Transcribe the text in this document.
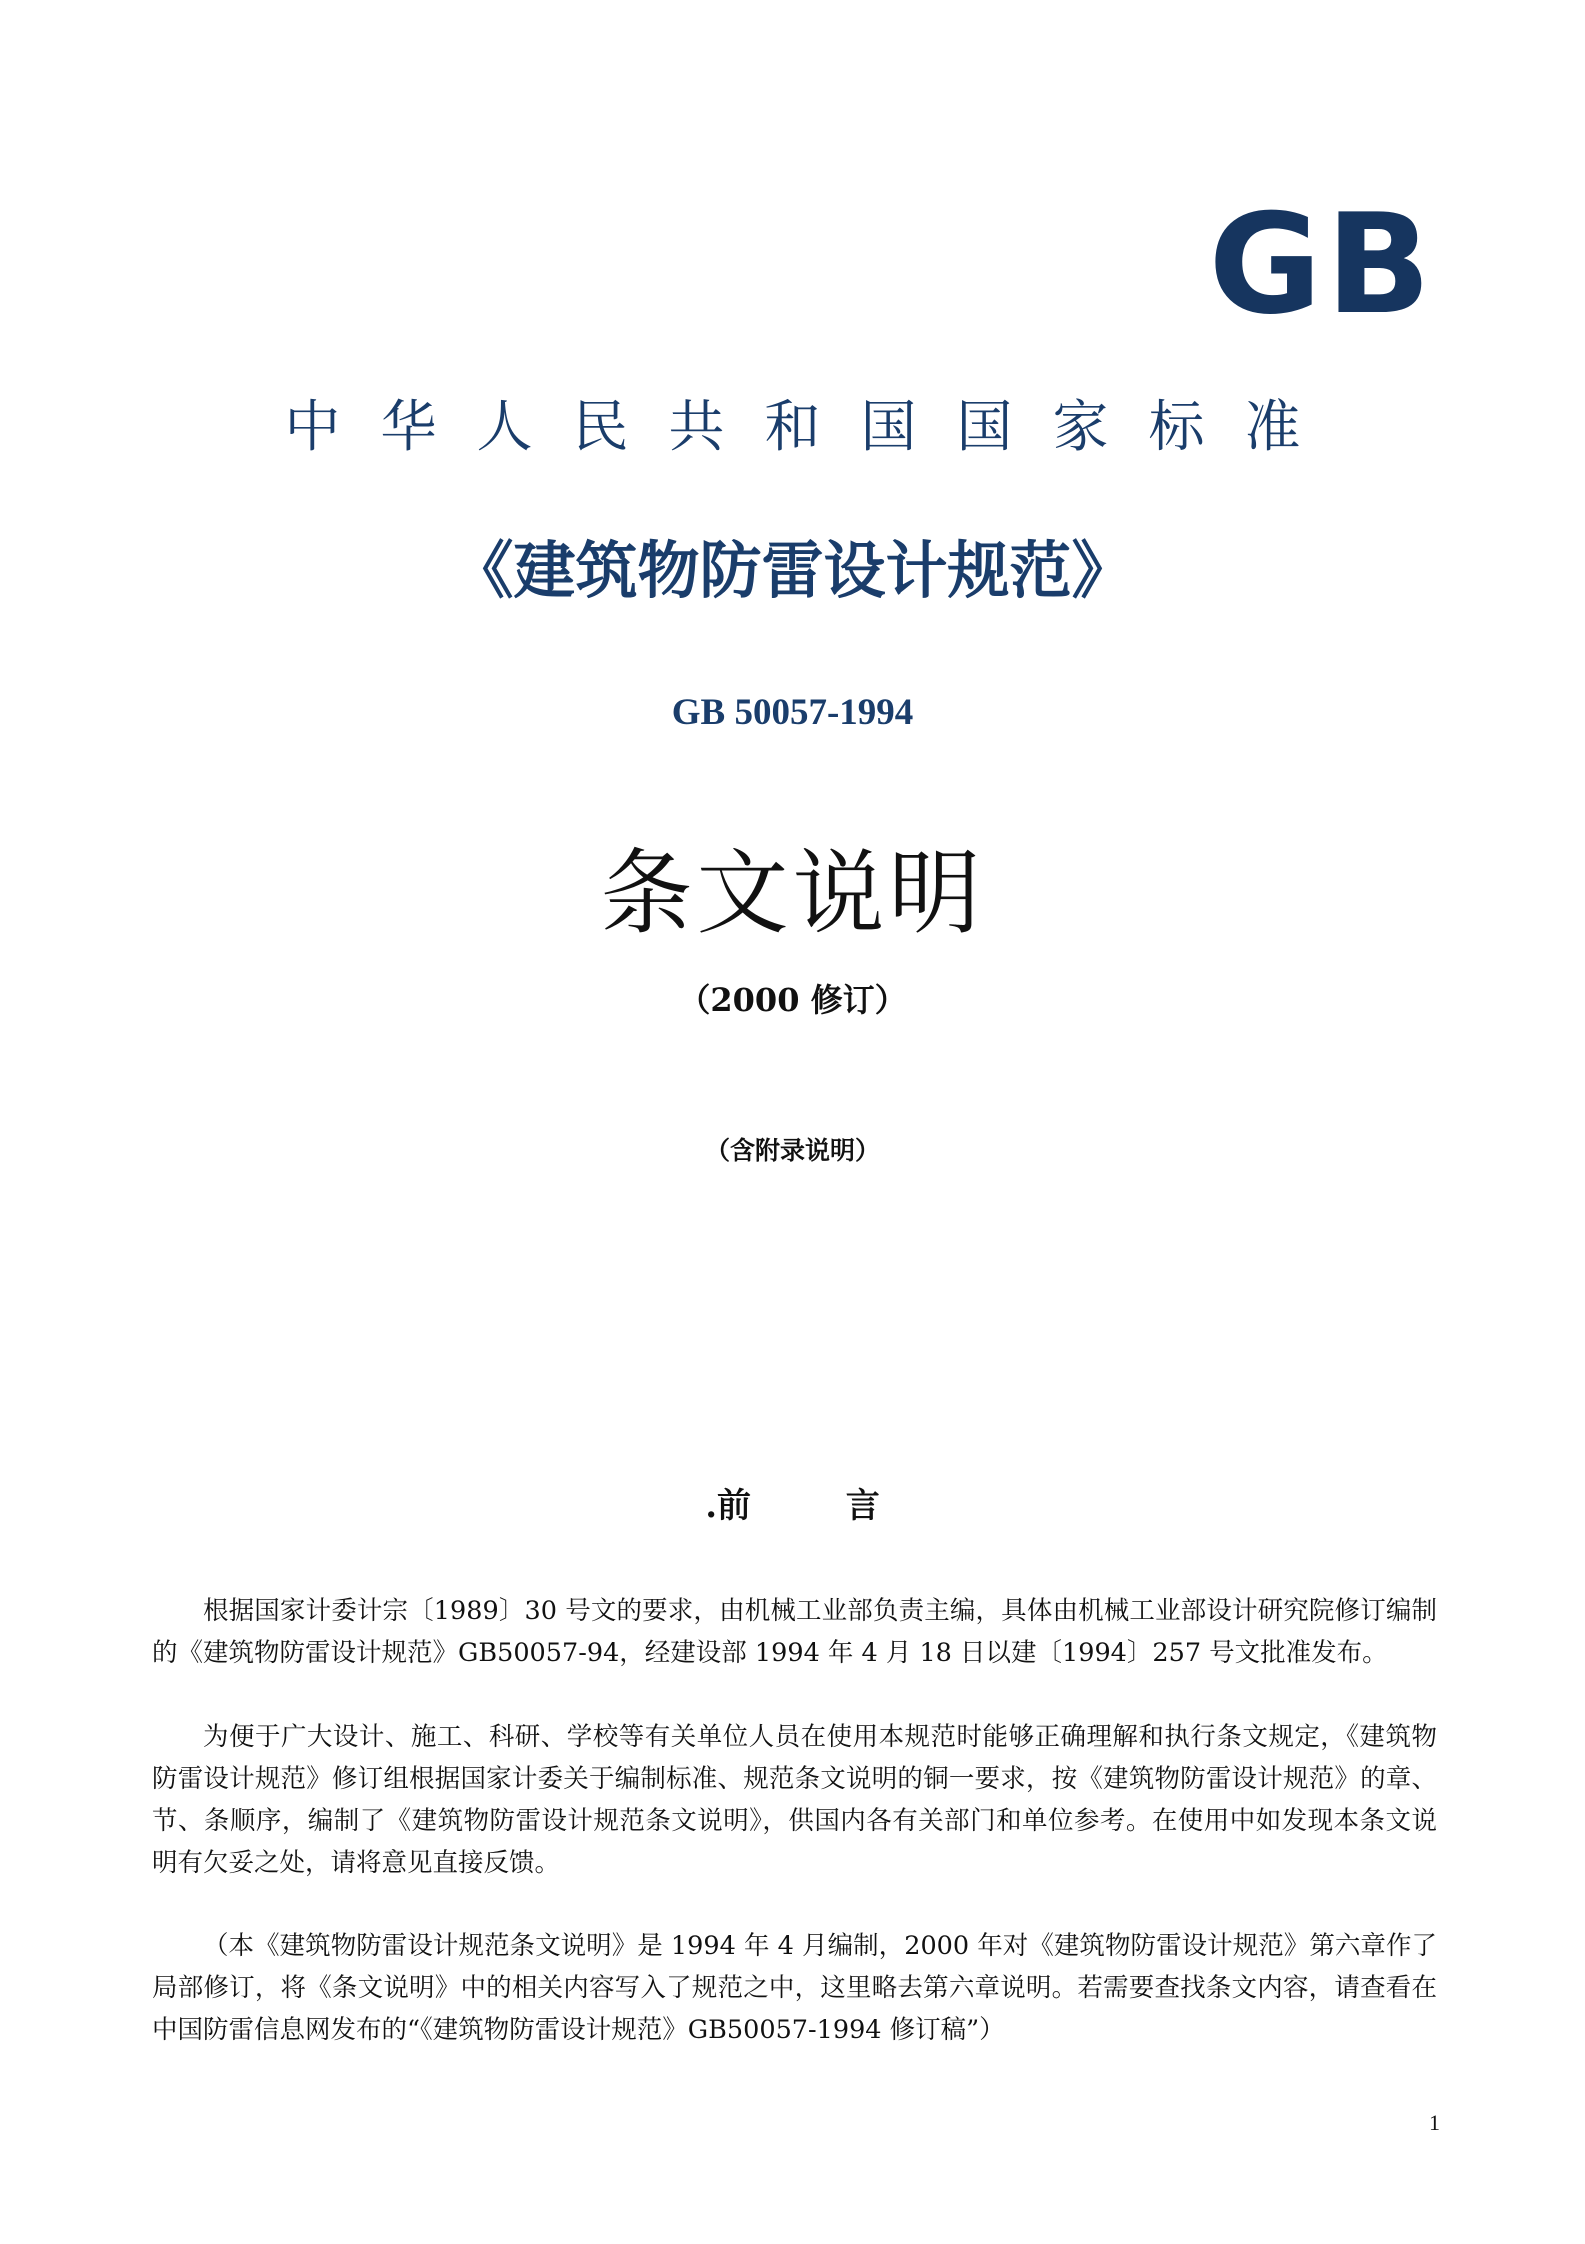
GB
中华人民共和国国家标准
《建筑物防雷设计规范》
GB 50057-1994
条文说明
（2000 修订）
（含附录说明）
.前        言

根据国家计委计宗〔1989〕30 号文的要求，由机械工业部负责主编，具体由机械工业部设计研究院修订编制的《建筑物防雷设计规范》GB50057-94，经建设部 1994 年 4 月 18 日以建〔1994〕257 号文批准发布。

为便于广大设计、施工、科研、学校等有关单位人员在使用本规范时能够正确理解和执行条文规定，《建筑物防雷设计规范》修订组根据国家计委关于编制标准、规范条文说明的铜一要求，按《建筑物防雷设计规范》的章、节、条顺序，编制了《建筑物防雷设计规范条文说明》，供国内各有关部门和单位参考。在使用中如发现本条文说明有欠妥之处，请将意见直接反馈。

（本《建筑物防雷设计规范条文说明》是 1994 年 4 月编制，2000 年对《建筑物防雷设计规范》第六章作了局部修订，将《条文说明》中的相关内容写入了规范之中，这里略去第六章说明。若需要查找条文内容，请查看在中国防雷信息网发布的“《建筑物防雷设计规范》GB50057-1994 修订稿”）

1
